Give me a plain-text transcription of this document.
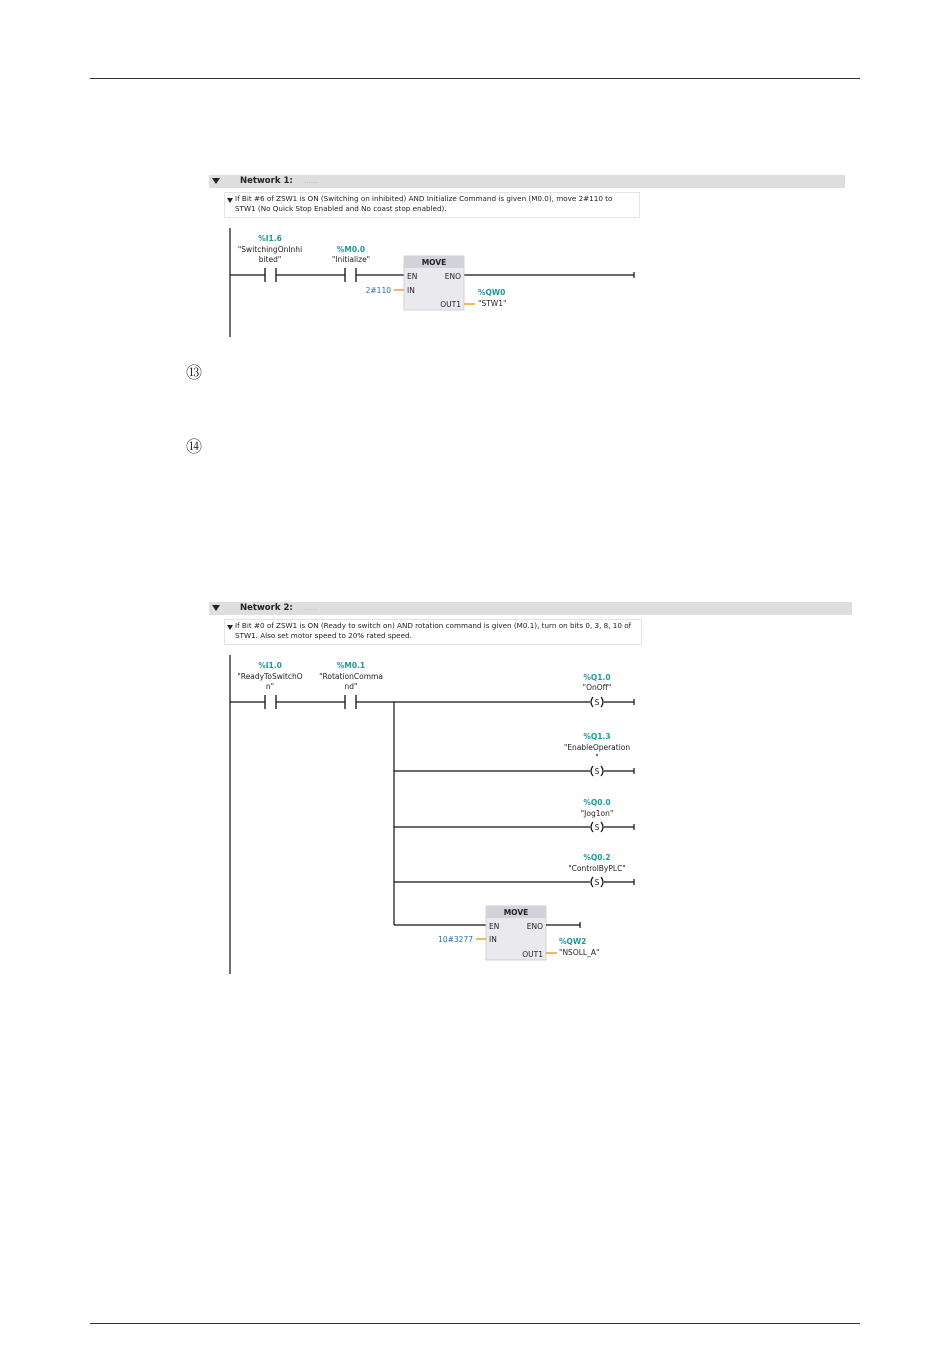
⑬
⑭
Network 1: ......
If Bit #6 of ZSW1 is ON (Switching on inhibited) AND Initialize Command is given (M0.0), move 2#110 to STW1 (No Quick Stop Enabled and No coast stop enabled).
%I1.6
"SwitchingOnInhi
bited"
%M0.0
"Initialize"	MOVE
EN	ENO
IN
OUT1
2#110	%QW0
"STW1"
Network 2: ......
If Bit #0 of ZSW1 is ON (Ready to switch on) AND rotation command is given (M0.1), turn on bits 0, 3, 8, 10 of STW1. Also set motor speed to 20% rated speed.
%I1.0
"ReadyToSwitchO
n"
%M0.1
"RotationComma
nd"
S
%Q1.0
"OnOff"
S
%Q1.3
"EnableOperation
"
S
%Q0.0
"Jog1on"
S
%Q0.2
"ControlByPLC"
MOVE
EN	ENO
IN
OUT1
10#3277	%QW2
"NSOLL_A"
